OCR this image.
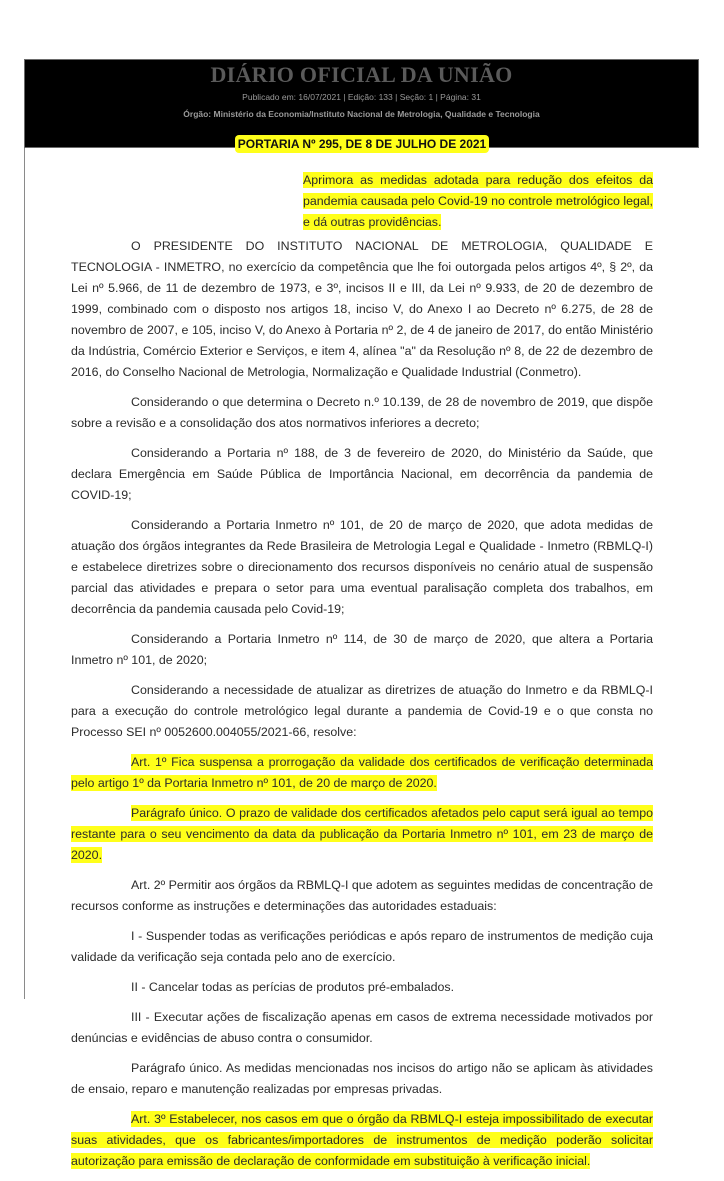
DIÁRIO OFICIAL DA UNIÃO
Publicado em: 16/07/2021 | Edição: 133 | Seção: 1 | Página: 31
Órgão: Ministério da Economia/Instituto Nacional de Metrologia, Qualidade e Tecnologia
PORTARIA Nº 295, DE 8 DE JULHO DE 2021
Aprimora as medidas adotada para redução dos efeitos da pandemia causada pelo Covid-19 no controle metrológico legal, e dá outras providências.

O PRESIDENTE DO INSTITUTO NACIONAL DE METROLOGIA, QUALIDADE E TECNOLOGIA - INMETRO, no exercício da competência que lhe foi outorgada pelos artigos 4º, § 2º, da Lei nº 5.966, de 11 de dezembro de 1973, e 3º, incisos II e III, da Lei nº 9.933, de 20 de dezembro de 1999, combinado com o disposto nos artigos 18, inciso V, do Anexo I ao Decreto nº 6.275, de 28 de novembro de 2007, e 105, inciso V, do Anexo à Portaria nº 2, de 4 de janeiro de 2017, do então Ministério da Indústria, Comércio Exterior e Serviços, e item 4, alínea "a" da Resolução nº 8, de 22 de dezembro de 2016, do Conselho Nacional de Metrologia, Normalização e Qualidade Industrial (Conmetro).

Considerando o que determina o Decreto n.º 10.139, de 28 de novembro de 2019, que dispõe sobre a revisão e a consolidação dos atos normativos inferiores a decreto;

Considerando a Portaria nº 188, de 3 de fevereiro de 2020, do Ministério da Saúde, que declara Emergência em Saúde Pública de Importância Nacional, em decorrência da pandemia de COVID-19;

Considerando a Portaria Inmetro nº 101, de 20 de março de 2020, que adota medidas de atuação dos órgãos integrantes da Rede Brasileira de Metrologia Legal e Qualidade - Inmetro (RBMLQ-I) e estabelece diretrizes sobre o direcionamento dos recursos disponíveis no cenário atual de suspensão parcial das atividades e prepara o setor para uma eventual paralisação completa dos trabalhos, em decorrência da pandemia causada pelo Covid-19;

Considerando a Portaria Inmetro nº 114, de 30 de março de 2020, que altera a Portaria Inmetro nº 101, de 2020;

Considerando a necessidade de atualizar as diretrizes de atuação do Inmetro e da RBMLQ-I para a execução do controle metrológico legal durante a pandemia de Covid-19 e o que consta no Processo SEI nº 0052600.004055/2021-66, resolve:

Art. 1º Fica suspensa a prorrogação da validade dos certificados de verificação determinada pelo artigo 1º da Portaria Inmetro nº 101, de 20 de março de 2020.

Parágrafo único. O prazo de validade dos certificados afetados pelo caput será igual ao tempo restante para o seu vencimento da data da publicação da Portaria Inmetro nº 101, em 23 de março de 2020.

Art. 2º Permitir aos órgãos da RBMLQ-I que adotem as seguintes medidas de concentração de recursos conforme as instruções e determinações das autoridades estaduais:

I - Suspender todas as verificações periódicas e após reparo de instrumentos de medição cuja validade da verificação seja contada pelo ano de exercício.

II - Cancelar todas as perícias de produtos pré-embalados.

III - Executar ações de fiscalização apenas em casos de extrema necessidade motivados por denúncias e evidências de abuso contra o consumidor.

Parágrafo único. As medidas mencionadas nos incisos do artigo não se aplicam às atividades de ensaio, reparo e manutenção realizadas por empresas privadas.

Art. 3º Estabelecer, nos casos em que o órgão da RBMLQ-I esteja impossibilitado de executar suas atividades, que os fabricantes/importadores de instrumentos de medição poderão solicitar autorização para emissão de declaração de conformidade em substituição à verificação inicial.
